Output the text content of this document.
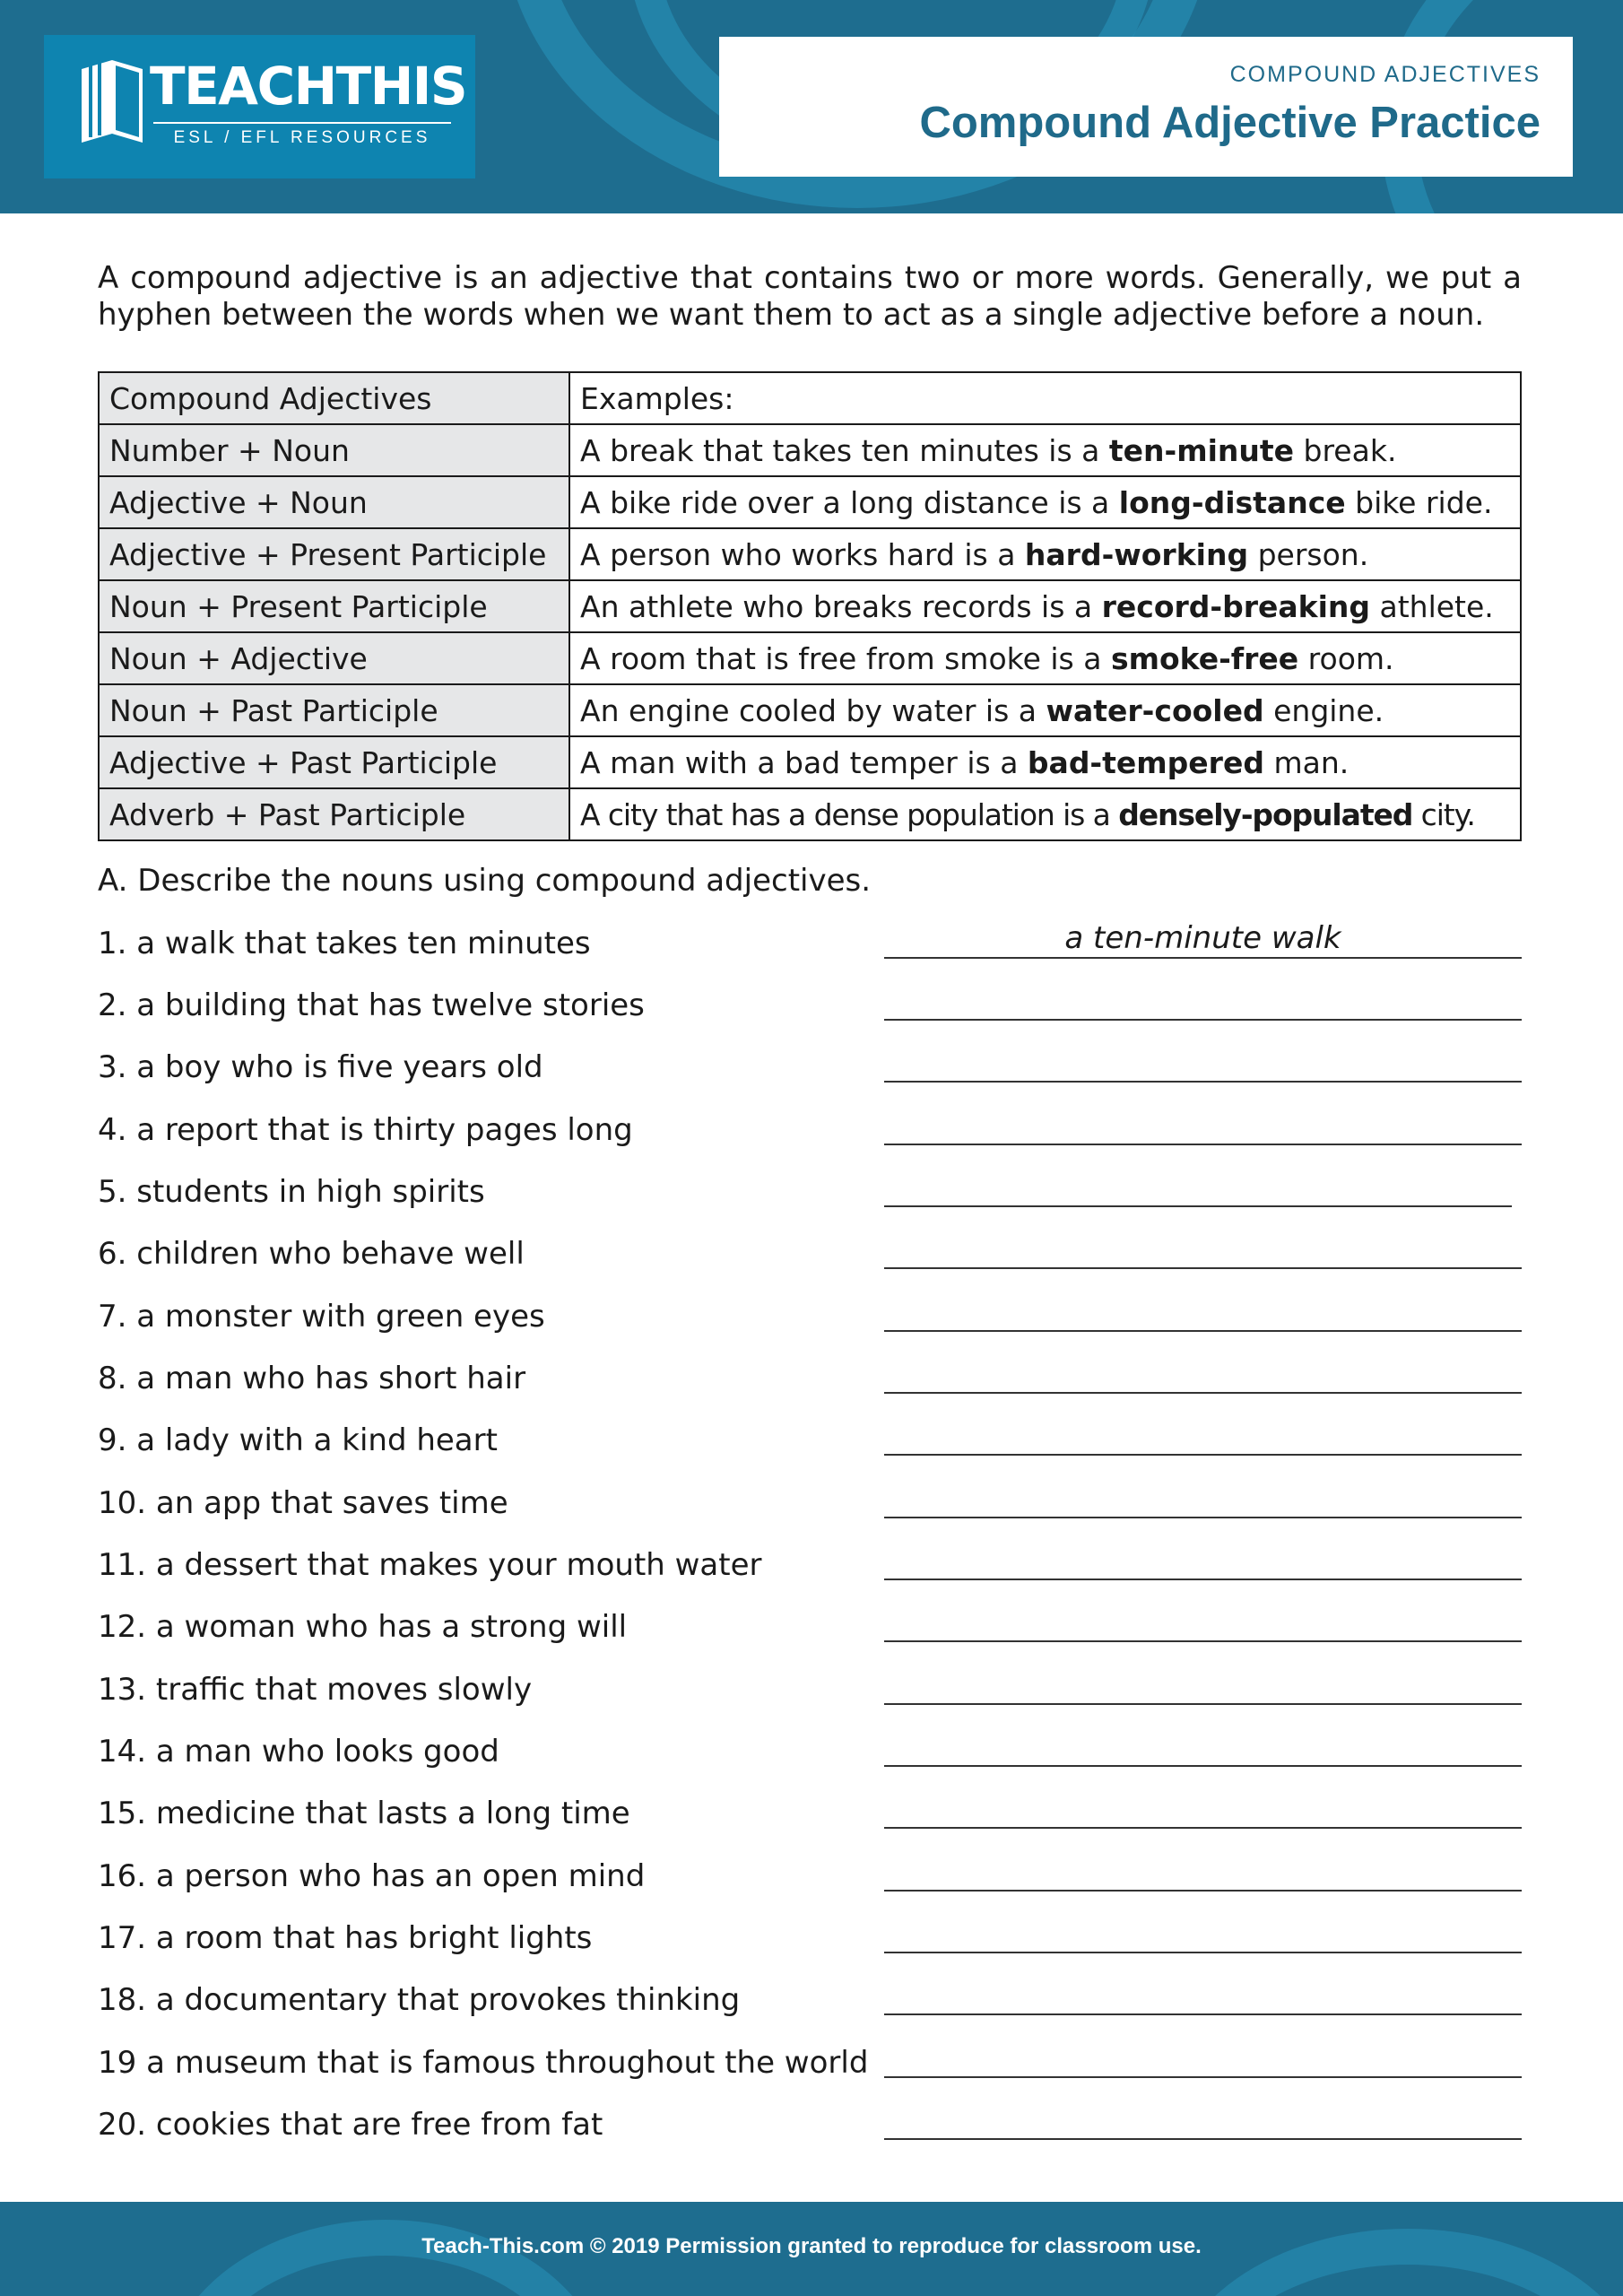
TEACHTHIS
ESL / EFL RESOURCES
COMPOUND ADJECTIVES
Compound Adjective Practice
A compound adjective is an adjective that contains two or more words. Generally, we put a hyphen between the words when we want them to act as a single adjective before a noun.
Compound Adjectives	Examples:
Number + Noun	A break that takes ten minutes is a ten-minute break.
Adjective + Noun	A bike ride over a long distance is a long-distance bike ride.
Adjective + Present Participle	A person who works hard is a hard-working person.
Noun + Present Participle	An athlete who breaks records is a record-breaking athlete.
Noun + Adjective	A room that is free from smoke is a smoke-free room.
Noun + Past Participle	An engine cooled by water is a water-cooled engine.
Adjective + Past Participle	A man with a bad temper is a bad-tempered man.
Adverb + Past Participle	A city that has a dense population is a densely-populated city.
A. Describe the nouns using compound adjectives.
1. a walk that takes ten minutes	a ten-minute walk
2. a building that has twelve stories
3. a boy who is five years old
4. a report that is thirty pages long
5. students in high spirits
6. children who behave well
7. a monster with green eyes
8. a man who has short hair
9. a lady with a kind heart
10. an app that saves time
11. a dessert that makes your mouth water
12. a woman who has a strong will
13. traffic that moves slowly
14. a man who looks good
15. medicine that lasts a long time
16. a person who has an open mind
17. a room that has bright lights
18. a documentary that provokes thinking
19 a museum that is famous throughout the world
20. cookies that are free from fat
Teach-This.com © 2019 Permission granted to reproduce for classroom use.
